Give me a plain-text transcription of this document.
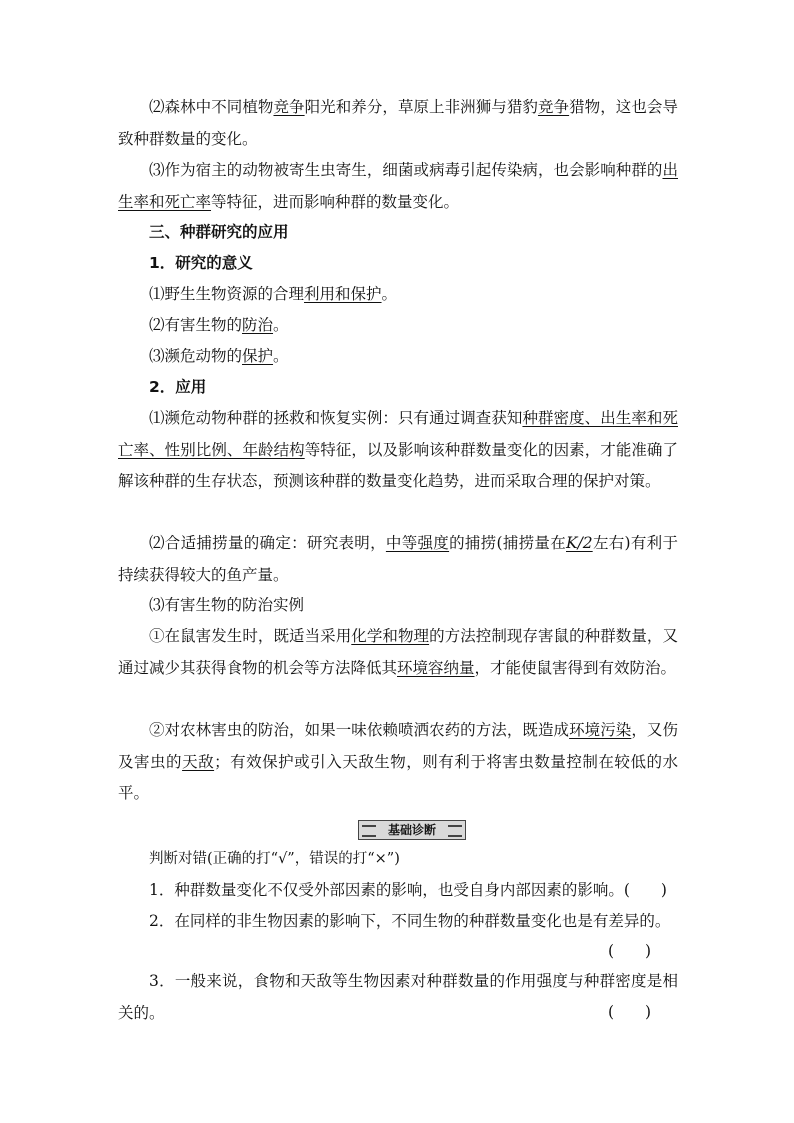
⑵森林中不同植物竞争阳光和养分，草原上非洲狮与猎豹竞争猎物，这也会导致种群数量的变化。

⑶作为宿主的动物被寄生虫寄生，细菌或病毒引起传染病，也会影响种群的出生率和死亡率等特征，进而影响种群的数量变化。

三、种群研究的应用

1．研究的意义

⑴野生生物资源的合理利用和保护。

⑵有害生物的防治。

⑶濒危动物的保护。

2．应用

⑴濒危动物种群的拯救和恢复实例：只有通过调查获知种群密度、出生率和死亡率、性别比例、年龄结构等特征，以及影响该种群数量变化的因素，才能准确了解该种群的生存状态，预测该种群的数量变化趋势，进而采取合理的保护对策。

⑵合适捕捞量的确定：研究表明，中等强度的捕捞(捕捞量在K/2左右)有利于持续获得较大的鱼产量。

⑶有害生物的防治实例

①在鼠害发生时，既适当采用化学和物理的方法控制现存害鼠的种群数量，又通过减少其获得食物的机会等方法降低其环境容纳量，才能使鼠害得到有效防治。

②对农林害虫的防治，如果一味依赖喷洒农药的方法，既造成环境污染，又伤及害虫的天敌；有效保护或引入天敌生物，则有利于将害虫数量控制在较低的水平。

基础诊断

判断对错(正确的打“√”，错误的打“×”)

1．种群数量变化不仅受外部因素的影响，也受自身内部因素的影响。(　　)

2．在同样的非生物因素的影响下，不同生物的种群数量变化也是有差异的。

(　　)

3．一般来说，食物和天敌等生物因素对种群数量的作用强度与种群密度是相关的。	(　　)
